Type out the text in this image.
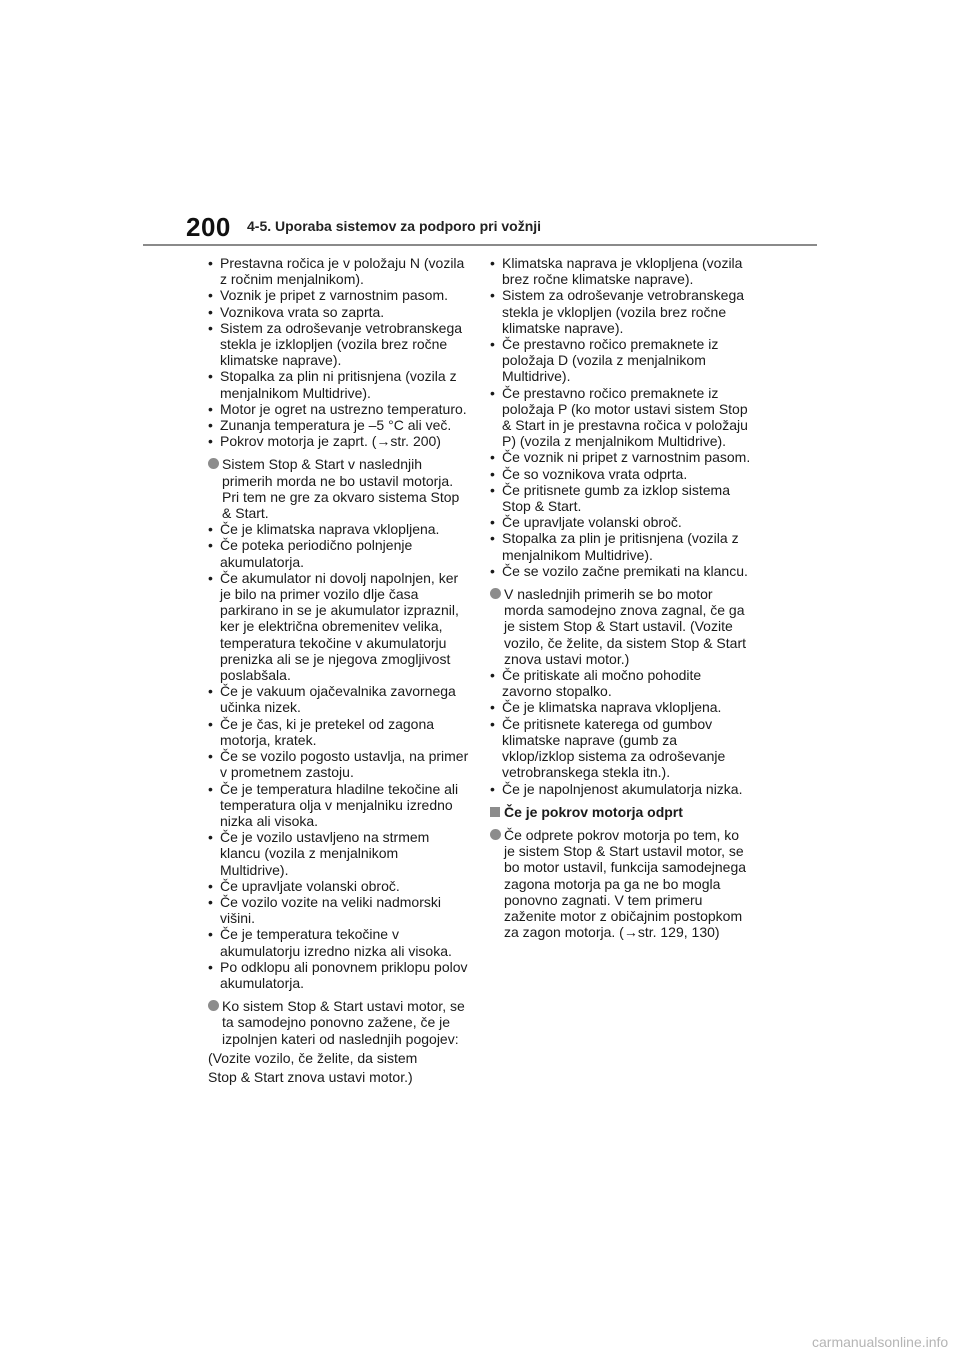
200 4-5. Uporaba sistemov za podporo pri vožnji
• Prestavna ročica je v položaju N (vozila z ročnim menjalnikom).
• Voznik je pripet z varnostnim pasom.
• Voznikova vrata so zaprta.
• Sistem za odroševanje vetrobranskega stekla je izklopljen (vozila brez ročne klimatske naprave).
• Stopalka za plin ni pritisnjena (vozila z menjalnikom Multidrive).
• Motor je ogret na ustrezno temperaturo.
• Zunanja temperatura je –5 °C ali več.
• Pokrov motorja je zaprt. (→str. 200)
Sistem Stop & Start v naslednjih primerih morda ne bo ustavil motorja. Pri tem ne gre za okvaro sistema Stop & Start.
• Če je klimatska naprava vklopljena.
• Če poteka periodično polnjenje akumulatorja.
• Če akumulator ni dovolj napolnjen, ker je bilo na primer vozilo dlje časa parkirano in se je akumulator izpraznil, ker je električna obremenitev velika, temperatura tekočine v akumulatorju prenizka ali se je njegova zmogljivost poslabšala.
• Če je vakuum ojačevalnika zavornega učinka nizek.
• Če je čas, ki je pretekel od zagona motorja, kratek.
• Če se vozilo pogosto ustavlja, na primer v prometnem zastoju.
• Če je temperatura hladilne tekočine ali temperatura olja v menjalniku izredno nizka ali visoka.
• Če je vozilo ustavljeno na strmem klancu (vozila z menjalnikom Multidrive).
• Če upravljate volanski obroč.
• Če vozilo vozite na veliki nadmorski višini.
• Če je temperatura tekočine v akumulatorju izredno nizka ali visoka.
• Po odklopu ali ponovnem priklopu polov akumulatorja.
Ko sistem Stop & Start ustavi motor, se ta samodejno ponovno zažene, če je izpolnjen kateri od naslednjih pogojev:
(Vozite vozilo, če želite, da sistem
Stop & Start znova ustavi motor.)
• Klimatska naprava je vklopljena (vozila brez ročne klimatske naprave).
• Sistem za odroševanje vetrobranskega stekla je vklopljen (vozila brez ročne klimatske naprave).
• Če prestavno ročico premaknete iz položaja D (vozila z menjalnikom Multidrive).
• Če prestavno ročico premaknete iz položaja P (ko motor ustavi sistem Stop & Start in je prestavna ročica v položaju P) (vozila z menjalnikom Multidrive).
• Če voznik ni pripet z varnostnim pasom.
• Če so voznikova vrata odprta.
• Če pritisnete gumb za izklop sistema Stop & Start.
• Če upravljate volanski obroč.
• Stopalka za plin je pritisnjena (vozila z menjalnikom Multidrive).
• Če se vozilo začne premikati na klancu.
V naslednjih primerih se bo motor morda samodejno znova zagnal, če ga je sistem Stop & Start ustavil. (Vozite vozilo, če želite, da sistem Stop & Start znova ustavi motor.)
• Če pritiskate ali močno pohodite zavorno stopalko.
• Če je klimatska naprava vklopljena.
• Če pritisnete katerega od gumbov klimatske naprave (gumb za vklop/izklop sistema za odroševanje vetrobranskega stekla itn.).
• Če je napolnjenost akumulatorja nizka.
Če je pokrov motorja odprt
Če odprete pokrov motorja po tem, ko je sistem Stop & Start ustavil motor, se bo motor ustavil, funkcija samodejnega zagona motorja pa ga ne bo mogla ponovno zagnati. V tem primeru zaženite motor z običajnim postopkom za zagon motorja. (→str. 129, 130)
carmanualsonline.info
